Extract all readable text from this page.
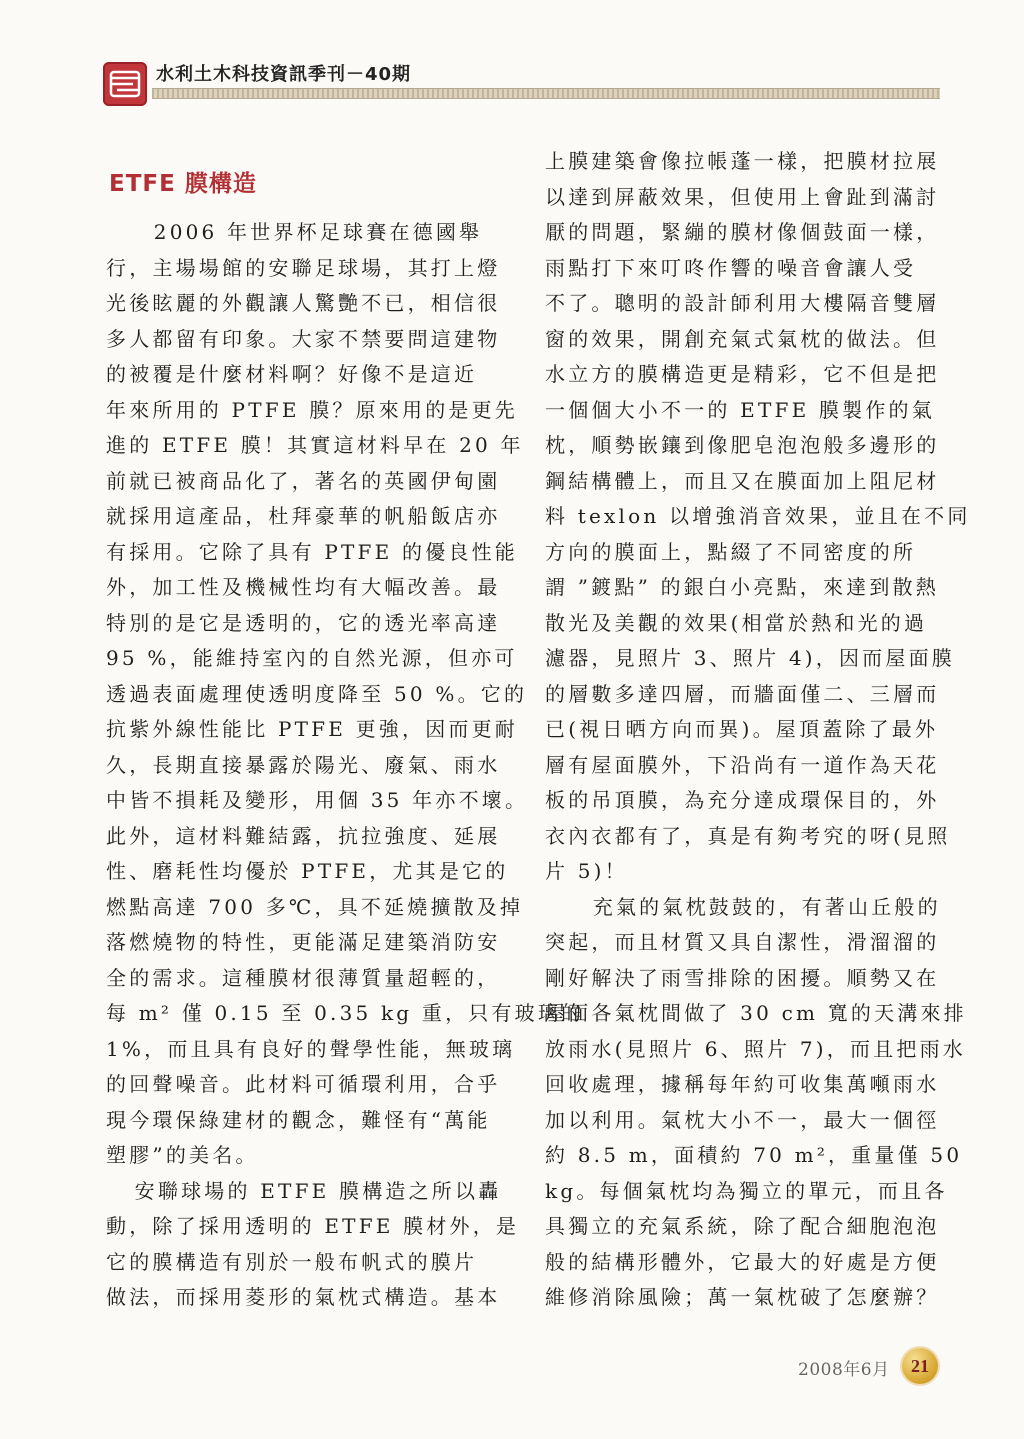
水利土木科技資訊季刊－40期
ETFE 膜構造
2006 年世界杯足球賽在德國舉
行，主場場館的安聯足球場，其打上燈
光後眩麗的外觀讓人驚艷不已，相信很
多人都留有印象。大家不禁要問這建物
的被覆是什麼材料啊？好像不是這近
年來所用的 PTFE 膜？原來用的是更先
進的 ETFE 膜！其實這材料早在 20 年
前就已被商品化了，著名的英國伊甸園
就採用這產品，杜拜豪華的帆船飯店亦
有採用。它除了具有 PTFE 的優良性能
外，加工性及機械性均有大幅改善。最
特別的是它是透明的，它的透光率高達
95 %，能維持室內的自然光源，但亦可
透過表面處理使透明度降至 50 %。它的
抗紫外線性能比 PTFE 更強，因而更耐
久，長期直接暴露於陽光、廢氣、雨水
中皆不損耗及變形，用個 35 年亦不壞。
此外，這材料難結露，抗拉強度、延展
性、磨耗性均優於 PTFE，尤其是它的
燃點高達 700 多℃，具不延燒擴散及掉
落燃燒物的特性，更能滿足建築消防安
全的需求。這種膜材很薄質量超輕的，
每 m² 僅 0.15 至 0.35 kg 重，只有玻璃的
1%，而且具有良好的聲學性能，無玻璃
的回聲噪音。此材料可循環利用，合乎
現今環保綠建材的觀念，難怪有“萬能
塑膠”的美名。
安聯球場的 ETFE 膜構造之所以轟
動，除了採用透明的 ETFE 膜材外，是
它的膜構造有別於一般布帆式的膜片
做法，而採用菱形的氣枕式構造。基本
上膜建築會像拉帳蓬一樣，把膜材拉展
以達到屏蔽效果，但使用上會趾到滿討
厭的問題，緊繃的膜材像個鼓面一樣，
雨點打下來叮咚作響的噪音會讓人受
不了。聰明的設計師利用大樓隔音雙層
窗的效果，開創充氣式氣枕的做法。但
水立方的膜構造更是精彩，它不但是把
一個個大小不一的 ETFE 膜製作的氣
枕，順勢嵌鑲到像肥皂泡泡般多邊形的
鋼結構體上，而且又在膜面加上阻尼材
料 texlon 以增強消音效果，並且在不同
方向的膜面上，點綴了不同密度的所
謂 ”鍍點” 的銀白小亮點，來達到散熱
散光及美觀的效果(相當於熱和光的過
濾器，見照片 3、照片 4)，因而屋面膜
的層數多達四層，而牆面僅二、三層而
已(視日晒方向而異)。屋頂蓋除了最外
層有屋面膜外，下沿尚有一道作為天花
板的吊頂膜，為充分達成環保目的，外
衣內衣都有了，真是有夠考究的呀(見照
片 5)！
充氣的氣枕鼓鼓的，有著山丘般的
突起，而且材質又具自潔性，滑溜溜的
剛好解決了雨雪排除的困擾。順勢又在
屋面各氣枕間做了 30 cm 寬的天溝來排
放雨水(見照片 6、照片 7)，而且把雨水
回收處理，據稱每年約可收集萬噸雨水
加以利用。氣枕大小不一，最大一個徑
約 8.5 m，面積約 70 m²，重量僅 50
kg。每個氣枕均為獨立的單元，而且各
具獨立的充氣系統，除了配合細胞泡泡
般的結構形體外，它最大的好處是方便
維修消除風險；萬一氣枕破了怎麼辦？
2008年6月	21
